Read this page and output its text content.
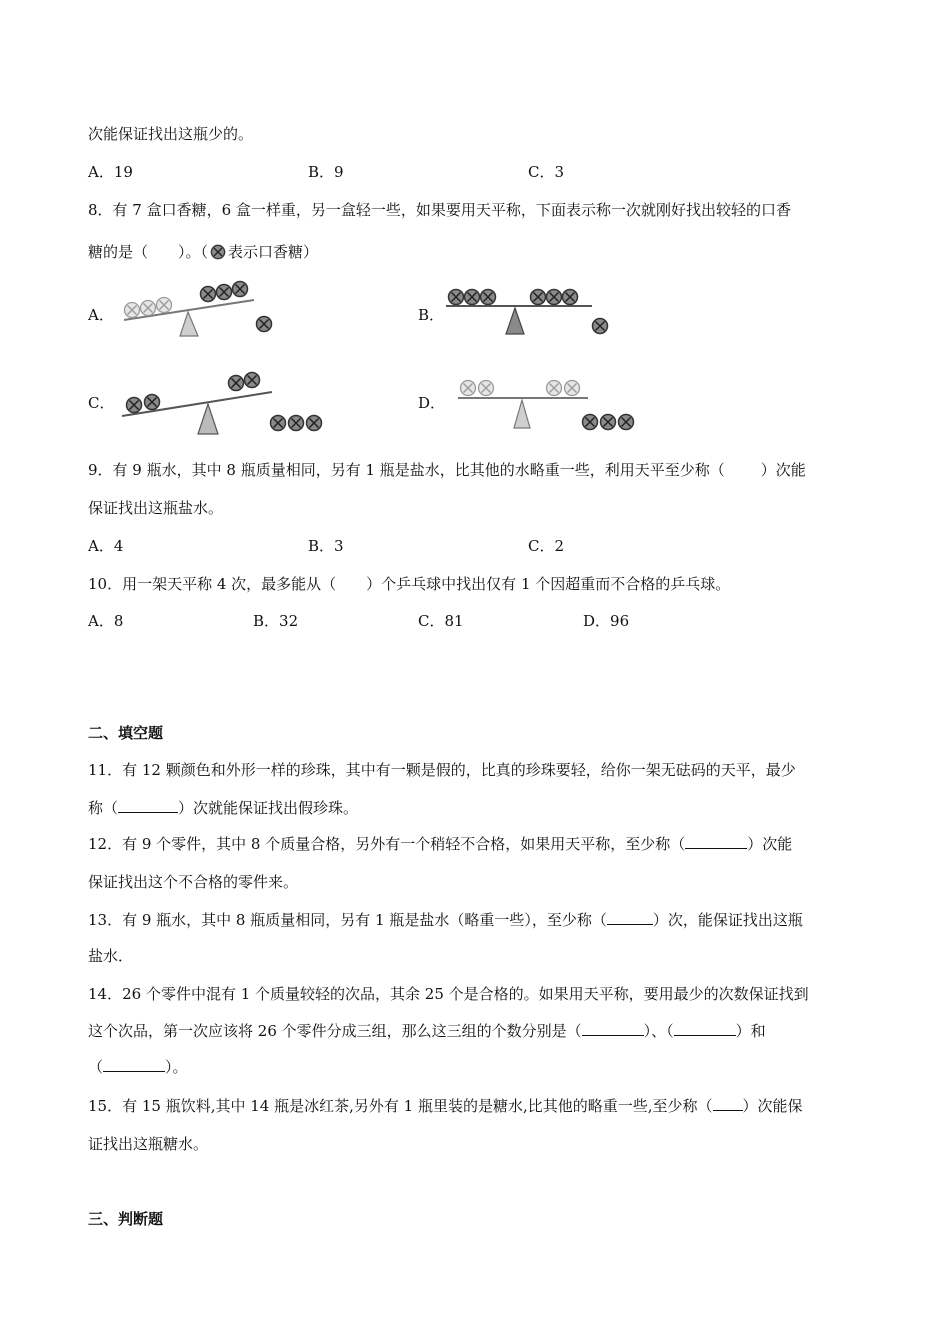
次能保证找出这瓶少的。
A．19	B．9	C．3
8．有 7 盒口香糖，6 盒一样重，另一盒轻一些，如果要用天平称，下面表示称一次就刚好找出较轻的口香
糖的是（ ）。（ 表示口香糖）
A．	B．
C．	D．
9．有 9 瓶水，其中 8 瓶质量相同，另有 1 瓶是盐水，比其他的水略重一些，利用天平至少称（ ）次能
保证找出这瓶盐水。
A．4	B．3	C．2
10．用一架天平称 4 次，最多能从（ ）个乒乓球中找出仅有 1 个因超重而不合格的乒乓球。
A．8	B．32	C．81	D．96
二、填空题
11．有 12 颗颜色和外形一样的珍珠，其中有一颗是假的，比真的珍珠要轻，给你一架无砝码的天平，最少
称（	）次就能保证找出假珍珠。
12．有 9 个零件，其中 8 个质量合格，另外有一个稍轻不合格，如果用天平称，至少称（	）次能
保证找出这个不合格的零件来。
13．有 9 瓶水，其中 8 瓶质量相同，另有 1 瓶是盐水（略重一些），至少称（	）次，能保证找出这瓶
盐水．
14．26 个零件中混有 1 个质量较轻的次品，其余 25 个是合格的。如果用天平称，要用最少的次数保证找到
这个次品，第一次应该将 26 个零件分成三组，那么这三组的个数分别是（	）、（	）和
（	）。
15．有 15 瓶饮料,其中 14 瓶是冰红茶,另外有 1 瓶里装的是糖水,比其他的略重一些,至少称（ ）次能保
证找出这瓶糖水。
三、判断题
